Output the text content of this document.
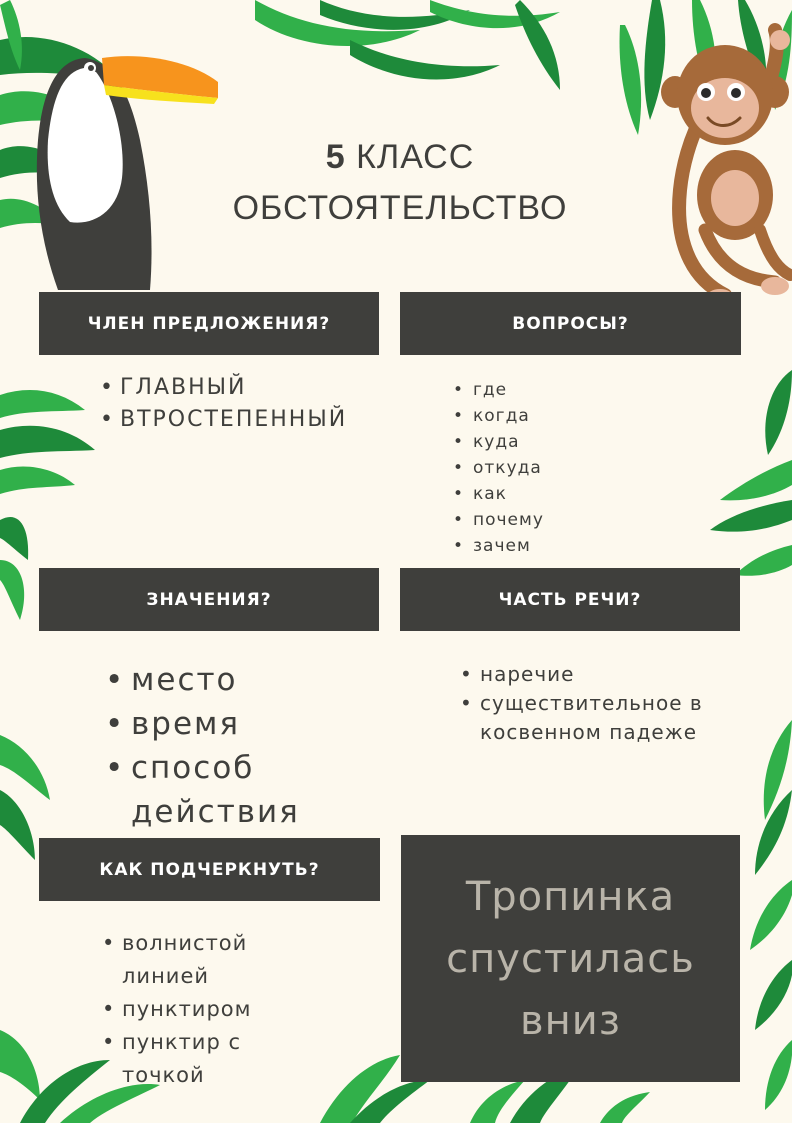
5 КЛАСС
ОБСТОЯТЕЛЬСТВО
ЧЛЕН ПРЕДЛОЖЕНИЯ?	ВОПРОСЫ?
ЗНАЧЕНИЯ?	ЧАСТЬ РЕЧИ?
КАК ПОДЧЕРКНУТЬ?
• ГЛАВНЫЙ
• ВТРОСТЕПЕННЫЙ
• где
• когда
• куда
• откуда
• как
• почему
• зачем
• место
• время
• способ действия
• наречие
• существительное в косвенном падеже
• волнистой линией
• пунктиром
• пунктир с точкой
Тропинка
спустилась
вниз
